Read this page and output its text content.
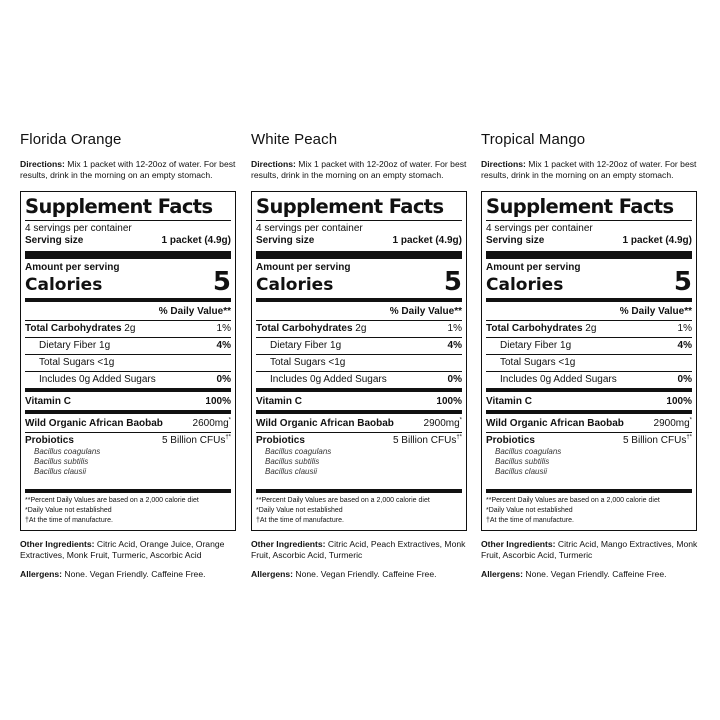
Florida Orange
Directions: Mix 1 packet with 12-20oz of water. For best results, drink in the morning on an empty stomach.
Supplement Facts
4 servings per container
Serving size	1 packet (4.9g)
Amount per serving
Calories	5
% Daily Value**
Total Carbohydrates 2g	1%
Dietary Fiber 1g	4%
Total Sugars <1g
Includes 0g Added Sugars	0%
Vitamin C	100%
Wild Organic African Baobab	2600mg*
Probiotics	5 Billion CFUs†*
Bacillus coagulans
Bacillus subtilis
Bacillus clausii
**Percent Daily Values are based on a 2,000 calorie diet
*Daily Value not established
†At the time of manufacture.
Other Ingredients: Citric Acid, Orange Juice, Orange Extractives, Monk Fruit, Turmeric, Ascorbic Acid
Allergens: None. Vegan Friendly. Caffeine Free.
White Peach
Directions: Mix 1 packet with 12-20oz of water. For best results, drink in the morning on an empty stomach.
Supplement Facts
4 servings per container
Serving size	1 packet (4.9g)
Amount per serving
Calories	5
% Daily Value**
Total Carbohydrates 2g	1%
Dietary Fiber 1g	4%
Total Sugars <1g
Includes 0g Added Sugars	0%
Vitamin C	100%
Wild Organic African Baobab	2900mg*
Probiotics	5 Billion CFUs†*
Bacillus coagulans
Bacillus subtilis
Bacillus clausii
**Percent Daily Values are based on a 2,000 calorie diet
*Daily Value not established
†At the time of manufacture.
Other Ingredients: Citric Acid, Peach Extractives, Monk Fruit, Ascorbic Acid, Turmeric
Allergens: None. Vegan Friendly. Caffeine Free.
Tropical Mango
Directions: Mix 1 packet with 12-20oz of water. For best results, drink in the morning on an empty stomach.
Supplement Facts
4 servings per container
Serving size	1 packet (4.9g)
Amount per serving
Calories	5
% Daily Value**
Total Carbohydrates 2g	1%
Dietary Fiber 1g	4%
Total Sugars <1g
Includes 0g Added Sugars	0%
Vitamin C	100%
Wild Organic African Baobab	2900mg*
Probiotics	5 Billion CFUs†*
Bacillus coagulans
Bacillus subtilis
Bacillus clausii
**Percent Daily Values are based on a 2,000 calorie diet
*Daily Value not established
†At the time of manufacture.
Other Ingredients: Citric Acid, Mango Extractives, Monk Fruit, Ascorbic Acid, Turmeric
Allergens: None. Vegan Friendly. Caffeine Free.
